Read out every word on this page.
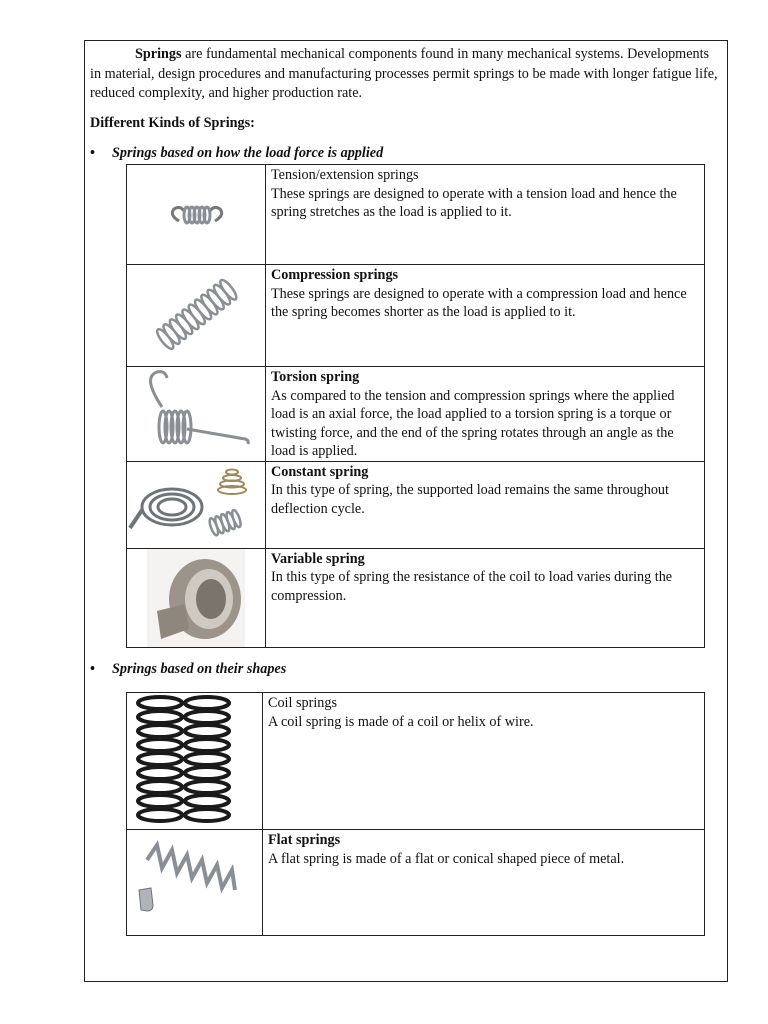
Springs are fundamental mechanical components found in many mechanical systems. Developments in material, design procedures and manufacturing processes permit springs to be made with longer fatigue life, reduced complexity, and higher production rate.
Different Kinds of Springs:
• Springs based on how the load force is applied

Tension/extension springs
These springs are designed to operate with a tension load and hence the spring stretches as the load is applied to it.

Compression springs
These springs are designed to operate with a compression load and hence the spring becomes shorter as the load is applied to it.

Torsion spring
As compared to the tension and compression springs where the applied load is an axial force, the load applied to a torsion spring is a torque or twisting force, and the end of the spring rotates through an angle as the load is applied.

Constant spring
In this type of spring, the supported load remains the same throughout deflection cycle.

Variable spring
In this type of spring the resistance of the coil to load varies during the compression.
• Springs based on their shapes

Coil springs
A coil spring is made of a coil or helix of wire.

Flat springs
A flat spring is made of a flat or conical shaped piece of metal.
